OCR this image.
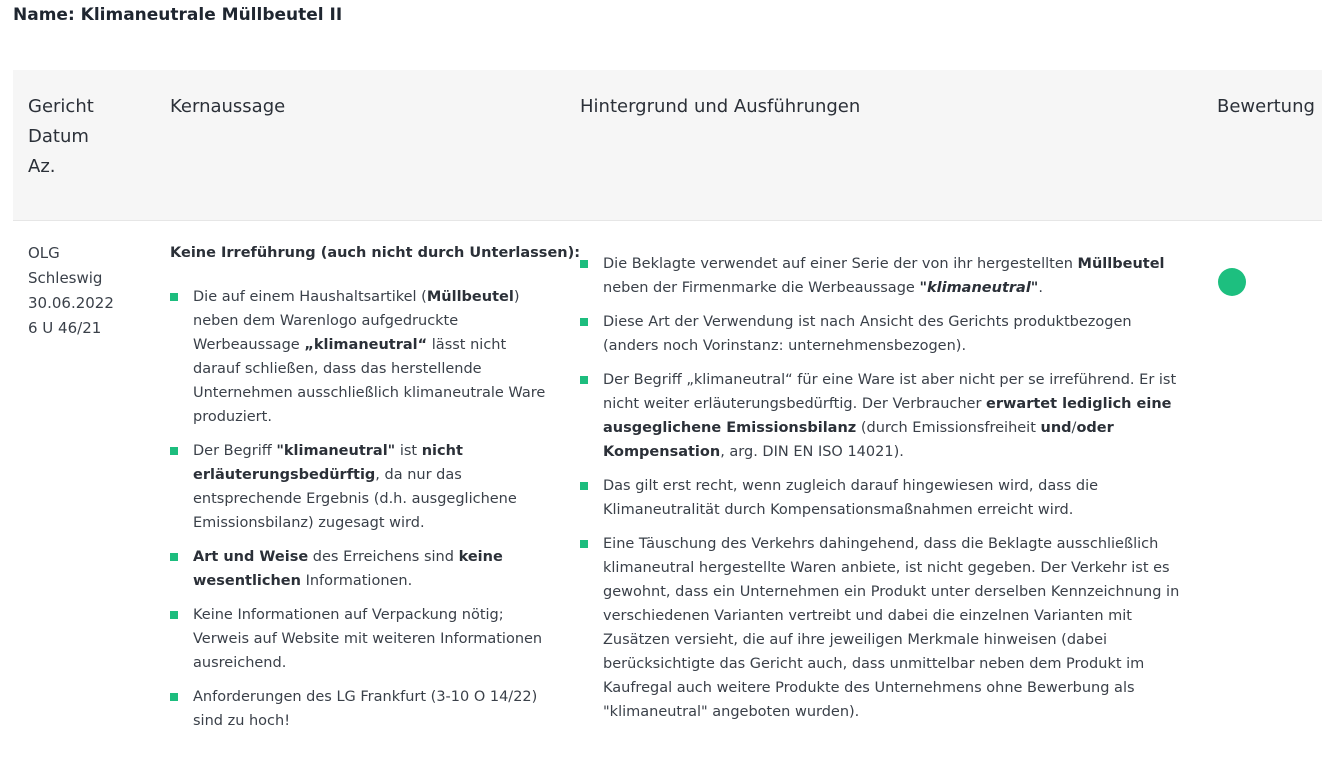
Name: Klimaneutrale Müllbeutel II
Gericht
Datum
Az.
Kernaussage	Hintergrund und Ausführungen	Bewertung
OLG
Schleswig
30.06.2022
6 U 46/21
Keine Irreführung (auch nicht durch Unterlassen):
Die auf einem Haushaltsartikel (Müllbeutel) neben dem Warenlogo aufgedruckte Werbeaussage „klimaneutral“ lässt nicht darauf schließen, dass das herstellende Unternehmen ausschließlich klimaneutrale Ware produziert.
Der Begriff "klimaneutral" ist nicht erläuterungsbedürftig, da nur das entsprechende Ergebnis (d.h. ausgeglichene Emissionsbilanz) zugesagt wird.
Art und Weise des Erreichens sind keine wesentlichen Informationen.
Keine Informationen auf Verpackung nötig; Verweis auf Website mit weiteren Informationen ausreichend.
Anforderungen des LG Frankfurt (3-10 O 14/22) sind zu hoch!
Die Beklagte verwendet auf einer Serie der von ihr hergestellten Müllbeutel neben der Firmenmarke die Werbeaussage "klimaneutral".
Diese Art der Verwendung ist nach Ansicht des Gerichts produktbezogen (anders noch Vorinstanz: unternehmensbezogen).
Der Begriff „klimaneutral“ für eine Ware ist aber nicht per se irreführend. Er ist nicht weiter erläuterungsbedürftig. Der Verbraucher erwartet lediglich eine ausgeglichene Emissionsbilanz (durch Emissionsfreiheit und/oder Kompensation, arg. DIN EN ISO 14021).
Das gilt erst recht, wenn zugleich darauf hingewiesen wird, dass die Klimaneutralität durch Kompensationsmaßnahmen erreicht wird.
Eine Täuschung des Verkehrs dahingehend, dass die Beklagte ausschließlich klimaneutral hergestellte Waren anbiete, ist nicht gegeben. Der Verkehr ist es gewohnt, dass ein Unternehmen ein Produkt unter derselben Kennzeichnung in verschiedenen Varianten vertreibt und dabei die einzelnen Varianten mit Zusätzen versieht, die auf ihre jeweiligen Merkmale hinweisen (dabei berücksichtigte das Gericht auch, dass unmittelbar neben dem Produkt im Kaufregal auch weitere Produkte des Unternehmens ohne Bewerbung als "klimaneutral" angeboten wurden).
